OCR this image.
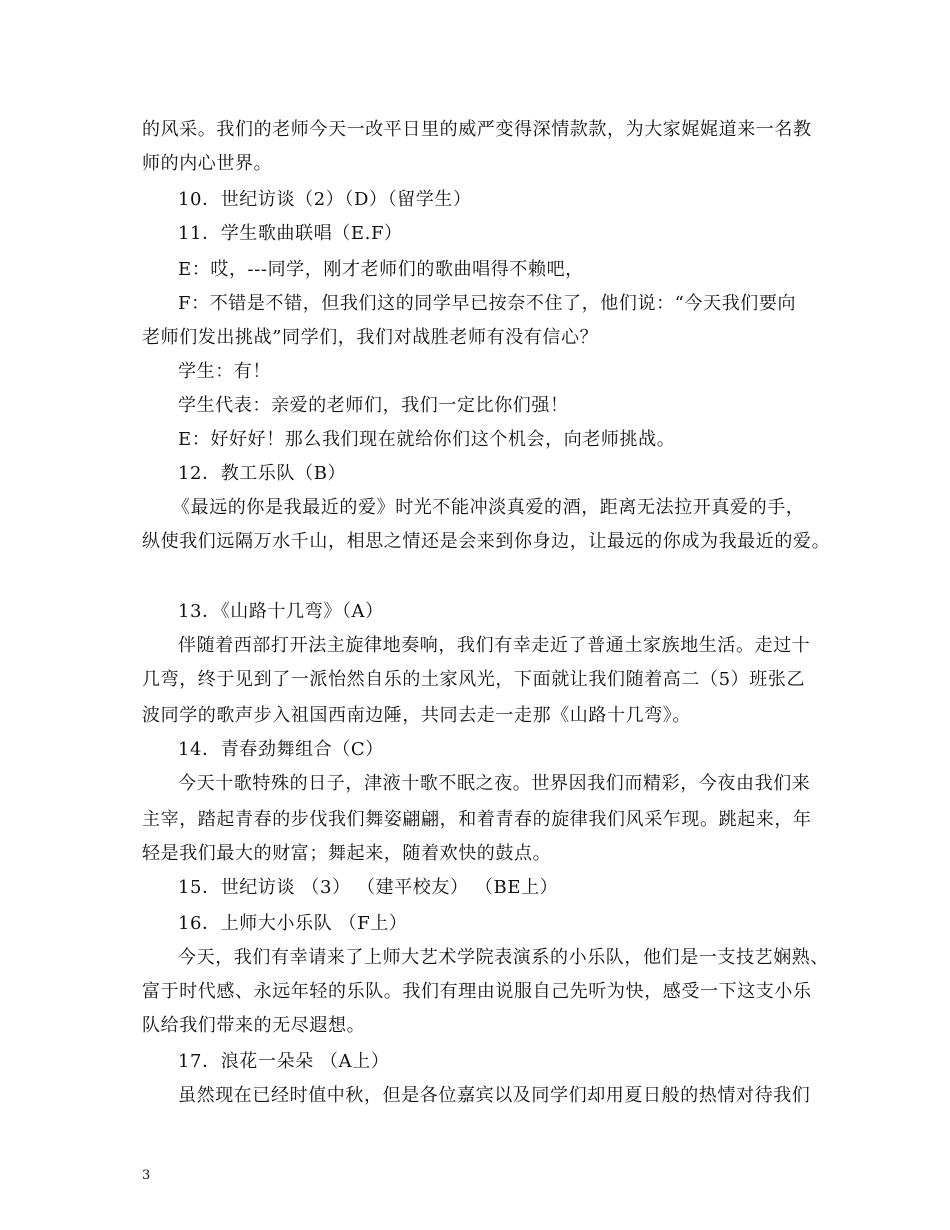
的风采。我们的老师今天一改平日里的威严变得深情款款，为大家娓娓道来一名教
师的内心世界。
10．世纪访谈（2）（D）（留学生）
11．学生歌曲联唱（E.F）
E：哎，---同学，刚才老师们的歌曲唱得不赖吧，
F：不错是不错，但我们这的同学早已按奈不住了，他们说：“今天我们要向
老师们发出挑战”同学们，我们对战胜老师有没有信心？
学生：有！
学生代表：亲爱的老师们，我们一定比你们强！
E：好好好！那么我们现在就给你们这个机会，向老师挑战。
12．教工乐队（B）
《最远的你是我最近的爱》时光不能冲淡真爱的酒，距离无法拉开真爱的手，
纵使我们远隔万水千山，相思之情还是会来到你身边，让最远的你成为我最近的爱。
13．《山路十几弯》（A）
伴随着西部打开法主旋律地奏响，我们有幸走近了普通土家族地生活。走过十
几弯，终于见到了一派怡然自乐的土家风光，下面就让我们随着高二（5）班张乙
波同学的歌声步入祖国西南边陲，共同去走一走那《山路十几弯》。
14．青春劲舞组合（C）
今天十歌特殊的日子，津液十歌不眠之夜。世界因我们而精彩，今夜由我们来
主宰，踏起青春的步伐我们舞姿翩翩，和着青春的旋律我们风采乍现。跳起来，年
轻是我们最大的财富；舞起来，随着欢快的鼓点。
15．世纪访谈 （3） （建平校友） （BE上）
16．上师大小乐队 （F上）
今天，我们有幸请来了上师大艺术学院表演系的小乐队，他们是一支技艺娴熟、
富于时代感、永远年轻的乐队。我们有理由说服自己先听为快，感受一下这支小乐
队给我们带来的无尽遐想。
17．浪花一朵朵 （A上）
虽然现在已经时值中秋，但是各位嘉宾以及同学们却用夏日般的热情对待我们
3
